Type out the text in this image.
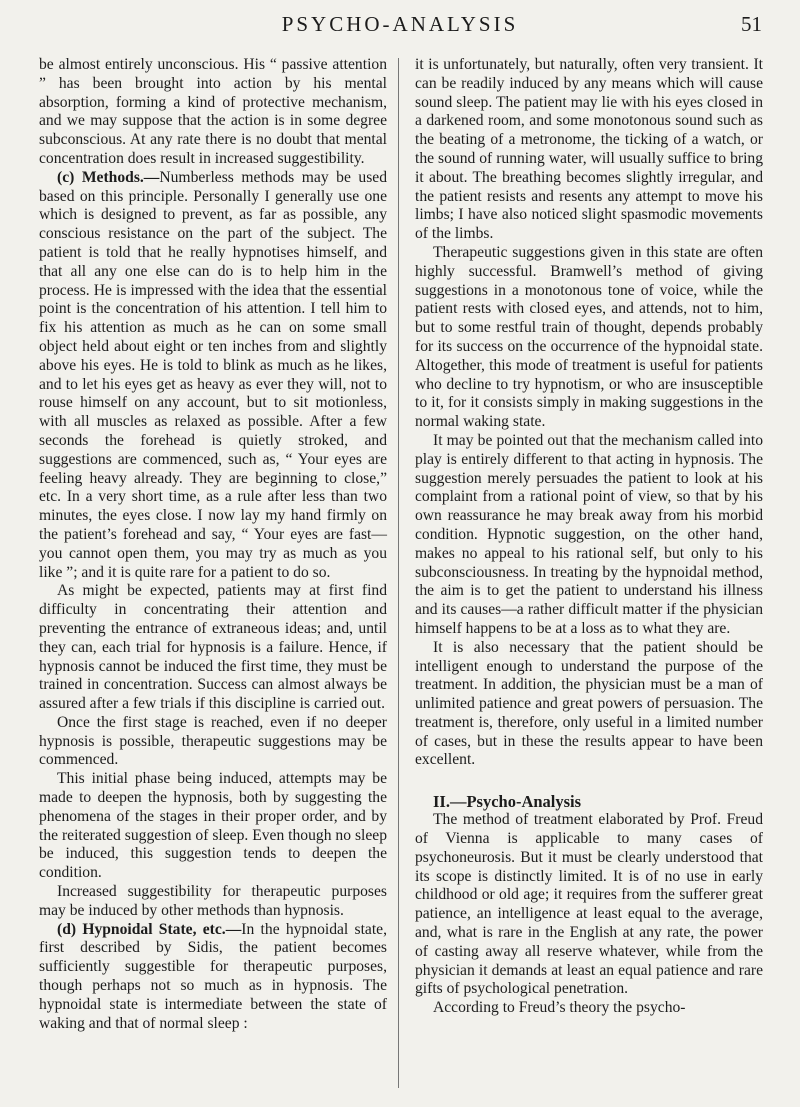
PSYCHO-ANALYSIS	51

be almost entirely unconscious. His “ passive attention ” has been brought into action by his mental absorption, forming a kind of protective mechanism, and we may suppose that the action is in some degree subconscious. At any rate there is no doubt that mental concentration does result in increased suggestibility.

(c) Methods.—Numberless methods may be used based on this principle. Personally I generally use one which is designed to prevent, as far as possible, any conscious resistance on the part of the subject. The patient is told that he really hypnotises himself, and that all any one else can do is to help him in the process. He is impressed with the idea that the essential point is the concentration of his attention. I tell him to fix his attention as much as he can on some small object held about eight or ten inches from and slightly above his eyes. He is told to blink as much as he likes, and to let his eyes get as heavy as ever they will, not to rouse himself on any account, but to sit motionless, with all muscles as relaxed as possible. After a few seconds the forehead is quietly stroked, and suggestions are commenced, such as, “ Your eyes are feeling heavy already. They are beginning to close,” etc. In a very short time, as a rule after less than two minutes, the eyes close. I now lay my hand firmly on the patient’s forehead and say, “ Your eyes are fast—you cannot open them, you may try as much as you like ”; and it is quite rare for a patient to do so.

As might be expected, patients may at first find difficulty in concentrating their attention and preventing the entrance of extraneous ideas; and, until they can, each trial for hypnosis is a failure. Hence, if hypnosis cannot be induced the first time, they must be trained in concentration. Success can almost always be assured after a few trials if this discipline is carried out.

Once the first stage is reached, even if no deeper hypnosis is possible, therapeutic suggestions may be commenced.

This initial phase being induced, attempts may be made to deepen the hypnosis, both by suggesting the phenomena of the stages in their proper order, and by the reiterated suggestion of sleep. Even though no sleep be induced, this suggestion tends to deepen the condition.

Increased suggestibility for therapeutic purposes may be induced by other methods than hypnosis.

(d) Hypnoidal State, etc.—In the hypnoidal state, first described by Sidis, the patient becomes sufficiently suggestible for therapeutic purposes, though perhaps not so much as in hypnosis. The hypnoidal state is intermediate between the state of waking and that of normal sleep :

it is unfortunately, but naturally, often very transient. It can be readily induced by any means which will cause sound sleep. The patient may lie with his eyes closed in a darkened room, and some monotonous sound such as the beating of a metronome, the ticking of a watch, or the sound of running water, will usually suffice to bring it about. The breathing becomes slightly irregular, and the patient resists and resents any attempt to move his limbs; I have also noticed slight spasmodic movements of the limbs.

Therapeutic suggestions given in this state are often highly successful. Bramwell’s method of giving suggestions in a monotonous tone of voice, while the patient rests with closed eyes, and attends, not to him, but to some restful train of thought, depends probably for its success on the occurrence of the hypnoidal state. Altogether, this mode of treatment is useful for patients who decline to try hypnotism, or who are insusceptible to it, for it consists simply in making suggestions in the normal waking state.

It may be pointed out that the mechanism called into play is entirely different to that acting in hypnosis. The suggestion merely persuades the patient to look at his complaint from a rational point of view, so that by his own reassurance he may break away from his morbid condition. Hypnotic suggestion, on the other hand, makes no appeal to his rational self, but only to his subconsciousness. In treating by the hypnoidal method, the aim is to get the patient to understand his illness and its causes—a rather difficult matter if the physician himself happens to be at a loss as to what they are.

It is also necessary that the patient should be intelligent enough to understand the purpose of the treatment. In addition, the physician must be a man of unlimited patience and great powers of persuasion. The treatment is, therefore, only useful in a limited number of cases, but in these the results appear to have been excellent.

II.—Psycho-Analysis

The method of treatment elaborated by Prof. Freud of Vienna is applicable to many cases of psychoneurosis. But it must be clearly understood that its scope is distinctly limited. It is of no use in early childhood or old age; it requires from the sufferer great patience, an intelligence at least equal to the average, and, what is rare in the English at any rate, the power of casting away all reserve whatever, while from the physician it demands at least an equal patience and rare gifts of psychological penetration.

According to Freud’s theory the psycho-
